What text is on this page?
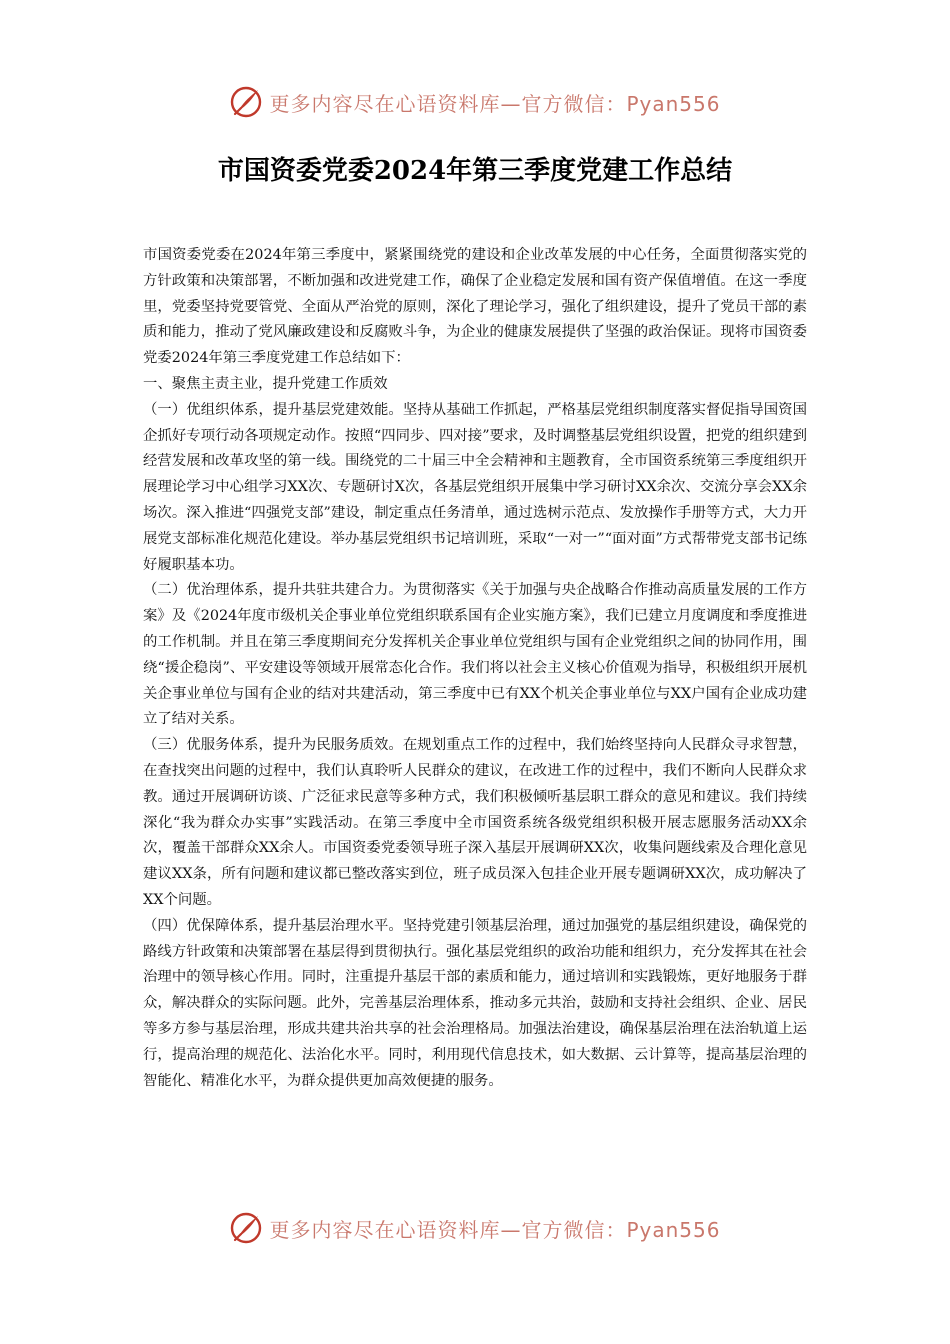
更多内容尽在心语资料库—官方微信：Pyan556
市国资委党委2024年第三季度党建工作总结

市国资委党委在2024年第三季度中，紧紧围绕党的建设和企业改革发展的中心任务，全面贯彻落实党的方针政策和决策部署，不断加强和改进党建工作，确保了企业稳定发展和国有资产保值增值。在这一季度里，党委坚持党要管党、全面从严治党的原则，深化了理论学习，强化了组织建设，提升了党员干部的素质和能力，推动了党风廉政建设和反腐败斗争，为企业的健康发展提供了坚强的政治保证。现将市国资委党委2024年第三季度党建工作总结如下：

一、聚焦主责主业，提升党建工作质效

（一）优组织体系，提升基层党建效能。坚持从基础工作抓起，严格基层党组织制度落实督促指导国资国企抓好专项行动各项规定动作。按照“四同步、四对接”要求，及时调整基层党组织设置，把党的组织建到经营发展和改革攻坚的第一线。围绕党的二十届三中全会精神和主题教育，全市国资系统第三季度组织开展理论学习中心组学习XX次、专题研讨X次，各基层党组织开展集中学习研讨XX余次、交流分享会XX余场次。深入推进“四强党支部”建设，制定重点任务清单，通过选树示范点、发放操作手册等方式，大力开展党支部标准化规范化建设。举办基层党组织书记培训班，采取“一对一”“面对面”方式帮带党支部书记练好履职基本功。

（二）优治理体系，提升共驻共建合力。为贯彻落实《关于加强与央企战略合作推动高质量发展的工作方案》及《2024年度市级机关企事业单位党组织联系国有企业实施方案》，我们已建立月度调度和季度推进的工作机制。并且在第三季度期间充分发挥机关企事业单位党组织与国有企业党组织之间的协同作用，围绕“援企稳岗”、平安建设等领域开展常态化合作。我们将以社会主义核心价值观为指导，积极组织开展机关企事业单位与国有企业的结对共建活动，第三季度中已有XX个机关企事业单位与XX户国有企业成功建立了结对关系。

（三）优服务体系，提升为民服务质效。在规划重点工作的过程中，我们始终坚持向人民群众寻求智慧，在查找突出问题的过程中，我们认真聆听人民群众的建议，在改进工作的过程中，我们不断向人民群众求教。通过开展调研访谈、广泛征求民意等多种方式，我们积极倾听基层职工群众的意见和建议。我们持续深化“我为群众办实事”实践活动。在第三季度中全市国资系统各级党组织积极开展志愿服务活动XX余次，覆盖干部群众XX余人。市国资委党委领导班子深入基层开展调研XX次，收集问题线索及合理化意见建议XX条，所有问题和建议都已整改落实到位，班子成员深入包挂企业开展专题调研XX次，成功解决了XX个问题。

（四）优保障体系，提升基层治理水平。坚持党建引领基层治理，通过加强党的基层组织建设，确保党的路线方针政策和决策部署在基层得到贯彻执行。强化基层党组织的政治功能和组织力，充分发挥其在社会治理中的领导核心作用。同时，注重提升基层干部的素质和能力，通过培训和实践锻炼，更好地服务于群众，解决群众的实际问题。此外，完善基层治理体系，推动多元共治，鼓励和支持社会组织、企业、居民等多方参与基层治理，形成共建共治共享的社会治理格局。加强法治建设，确保基层治理在法治轨道上运行，提高治理的规范化、法治化水平。同时，利用现代信息技术，如大数据、云计算等，提高基层治理的智能化、精准化水平，为群众提供更加高效便捷的服务。

更多内容尽在心语资料库—官方微信：Pyan556
